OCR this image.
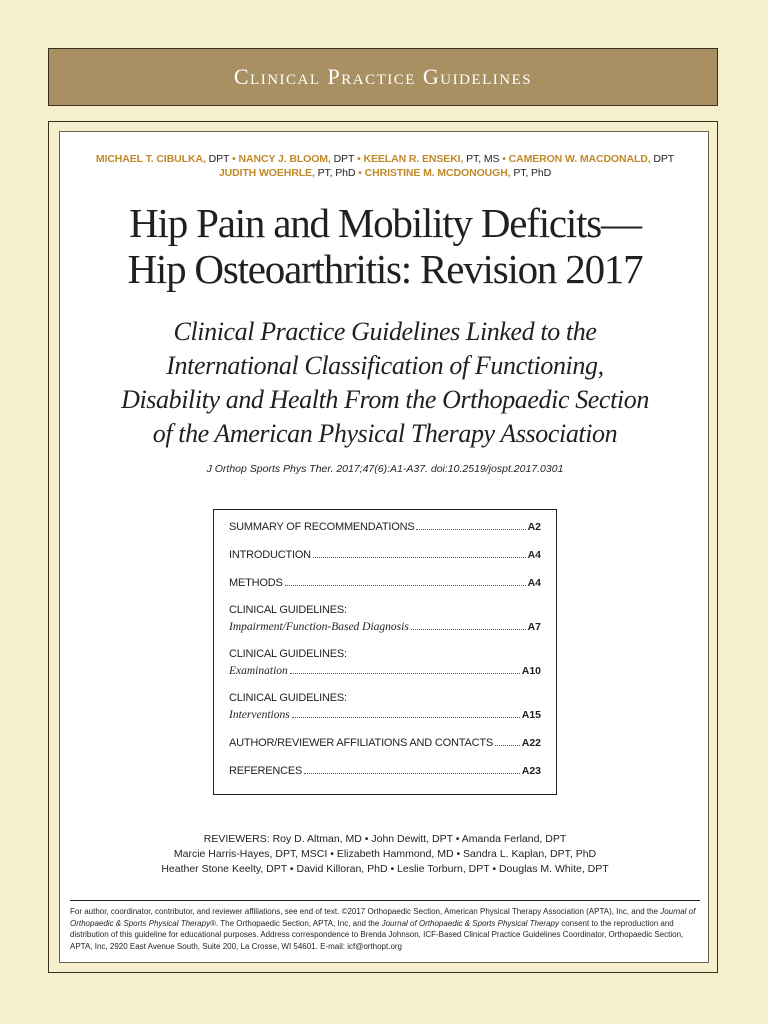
Clinical Practice Guidelines
MICHAEL T. CIBULKA, DPT • NANCY J. BLOOM, DPT • KEELAN R. ENSEKI, PT, MS • CAMERON W. MACDONALD, DPT
JUDITH WOEHRLE, PT, PhD • CHRISTINE M. MCDONOUGH, PT, PhD
Hip Pain and Mobility Deficits—
Hip Osteoarthritis: Revision 2017
Clinical Practice Guidelines Linked to the
International Classification of Functioning,
Disability and Health From the Orthopaedic Section
of the American Physical Therapy Association
J Orthop Sports Phys Ther. 2017;47(6):A1-A37. doi:10.2519/jospt.2017.0301
SUMMARY OF RECOMMENDATIONS	A2
INTRODUCTION	A4
METHODS	A4
CLINICAL GUIDELINES:
Impairment/Function-Based Diagnosis	A7
CLINICAL GUIDELINES:
Examination	A10
CLINICAL GUIDELINES:
Interventions	A15
AUTHOR/REVIEWER AFFILIATIONS AND CONTACTS	A22
REFERENCES	A23
REVIEWERS: Roy D. Altman, MD • John Dewitt, DPT • Amanda Ferland, DPT
Marcie Harris-Hayes, DPT, MSCI • Elizabeth Hammond, MD • Sandra L. Kaplan, DPT, PhD
Heather Stone Keelty, DPT • David Killoran, PhD • Leslie Torburn, DPT • Douglas M. White, DPT
For author, coordinator, contributor, and reviewer affiliations, see end of text. ©2017 Orthopaedic Section, American Physical Therapy Association (APTA), Inc, and the Journal of Orthopaedic & Sports Physical Therapy®. The Orthopaedic Section, APTA, Inc, and the Journal of Orthopaedic & Sports Physical Therapy consent to the reproduction and distribution of this guideline for educational purposes. Address correspondence to Brenda Johnson, ICF-Based Clinical Practice Guidelines Coordinator, Orthopaedic Section, APTA, Inc, 2920 East Avenue South, Suite 200, La Crosse, WI 54601. E-mail: icf@orthopt.org
